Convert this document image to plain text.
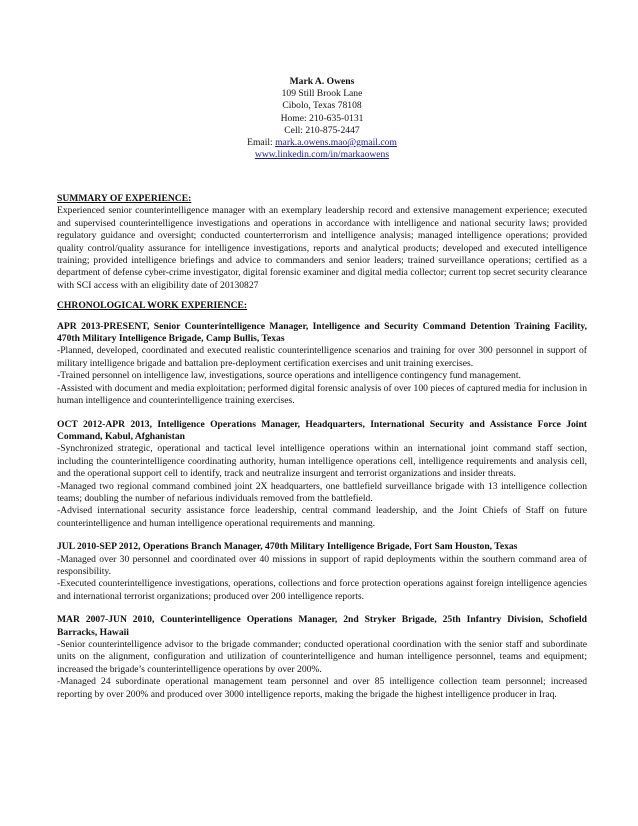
Mark A. Owens
109 Still Brook Lane
Cibolo, Texas 78108
Home: 210-635-0131
Cell: 210-875-2447
Email: mark.a.owens.mao@gmail.com
www.linkedin.com/in/markaowens

SUMMARY OF EXPERIENCE:

Experienced senior counterintelligence manager with an exemplary leadership record and extensive management experience; executed and supervised counterintelligence investigations and operations in accordance with intelligence and national security laws; provided regulatory guidance and oversight; conducted counterterrorism and intelligence analysis; managed intelligence operations; provided quality control/quality assurance for intelligence investigations, reports and analytical products; developed and executed intelligence training; provided intelligence briefings and advice to commanders and senior leaders; trained surveillance operations; certified as a department of defense cyber-crime investigator, digital forensic examiner and digital media collector; current top secret security clearance with SCI access with an eligibility date of 20130827

CHRONOLOGICAL WORK EXPERIENCE:

APR 2013-PRESENT, Senior Counterintelligence Manager, Intelligence and Security Command Detention Training Facility, 470th Military Intelligence Brigade, Camp Bullis, Texas

-Planned, developed, coordinated and executed realistic counterintelligence scenarios and training for over 300 personnel in support of military intelligence brigade and battalion pre-deployment certification exercises and unit training exercises.

-Trained personnel on intelligence law, investigations, source operations and intelligence contingency fund management.

-Assisted with document and media exploitation; performed digital forensic analysis of over 100 pieces of captured media for inclusion in human intelligence and counterintelligence training exercises.

OCT 2012-APR 2013, Intelligence Operations Manager, Headquarters, International Security and Assistance Force Joint Command, Kabul, Afghanistan

-Synchronized strategic, operational and tactical level intelligence operations within an international joint command staff section, including the counterintelligence coordinating authority, human intelligence operations cell, intelligence requirements and analysis cell, and the operational support cell to identify, track and neutralize insurgent and terrorist organizations and insider threats.

-Managed two regional command combined joint 2X headquarters, one battlefield surveillance brigade with 13 intelligence collection teams; doubling the number of nefarious individuals removed from the battlefield.

-Advised international security assistance force leadership, central command leadership, and the Joint Chiefs of Staff on future counterintelligence and human intelligence operational requirements and manning.

JUL 2010-SEP 2012, Operations Branch Manager, 470th Military Intelligence Brigade, Fort Sam Houston, Texas

-Managed over 30 personnel and coordinated over 40 missions in support of rapid deployments within the southern command area of responsibility.

-Executed counterintelligence investigations, operations, collections and force protection operations against foreign intelligence agencies and international terrorist organizations; produced over 200 intelligence reports.

MAR 2007-JUN 2010, Counterintelligence Operations Manager, 2nd Stryker Brigade, 25th Infantry Division, Schofield Barracks, Hawaii

-Senior counterintelligence advisor to the brigade commander; conducted operational coordination with the senior staff and subordinate units on the alignment, configuration and utilization of counterintelligence and human intelligence personnel, teams and equipment; increased the brigade’s counterintelligence operations by over 200%.

-Managed 24 subordinate operational management team personnel and over 85 intelligence collection team personnel; increased reporting by over 200% and produced over 3000 intelligence reports, making the brigade the highest intelligence producer in Iraq.
